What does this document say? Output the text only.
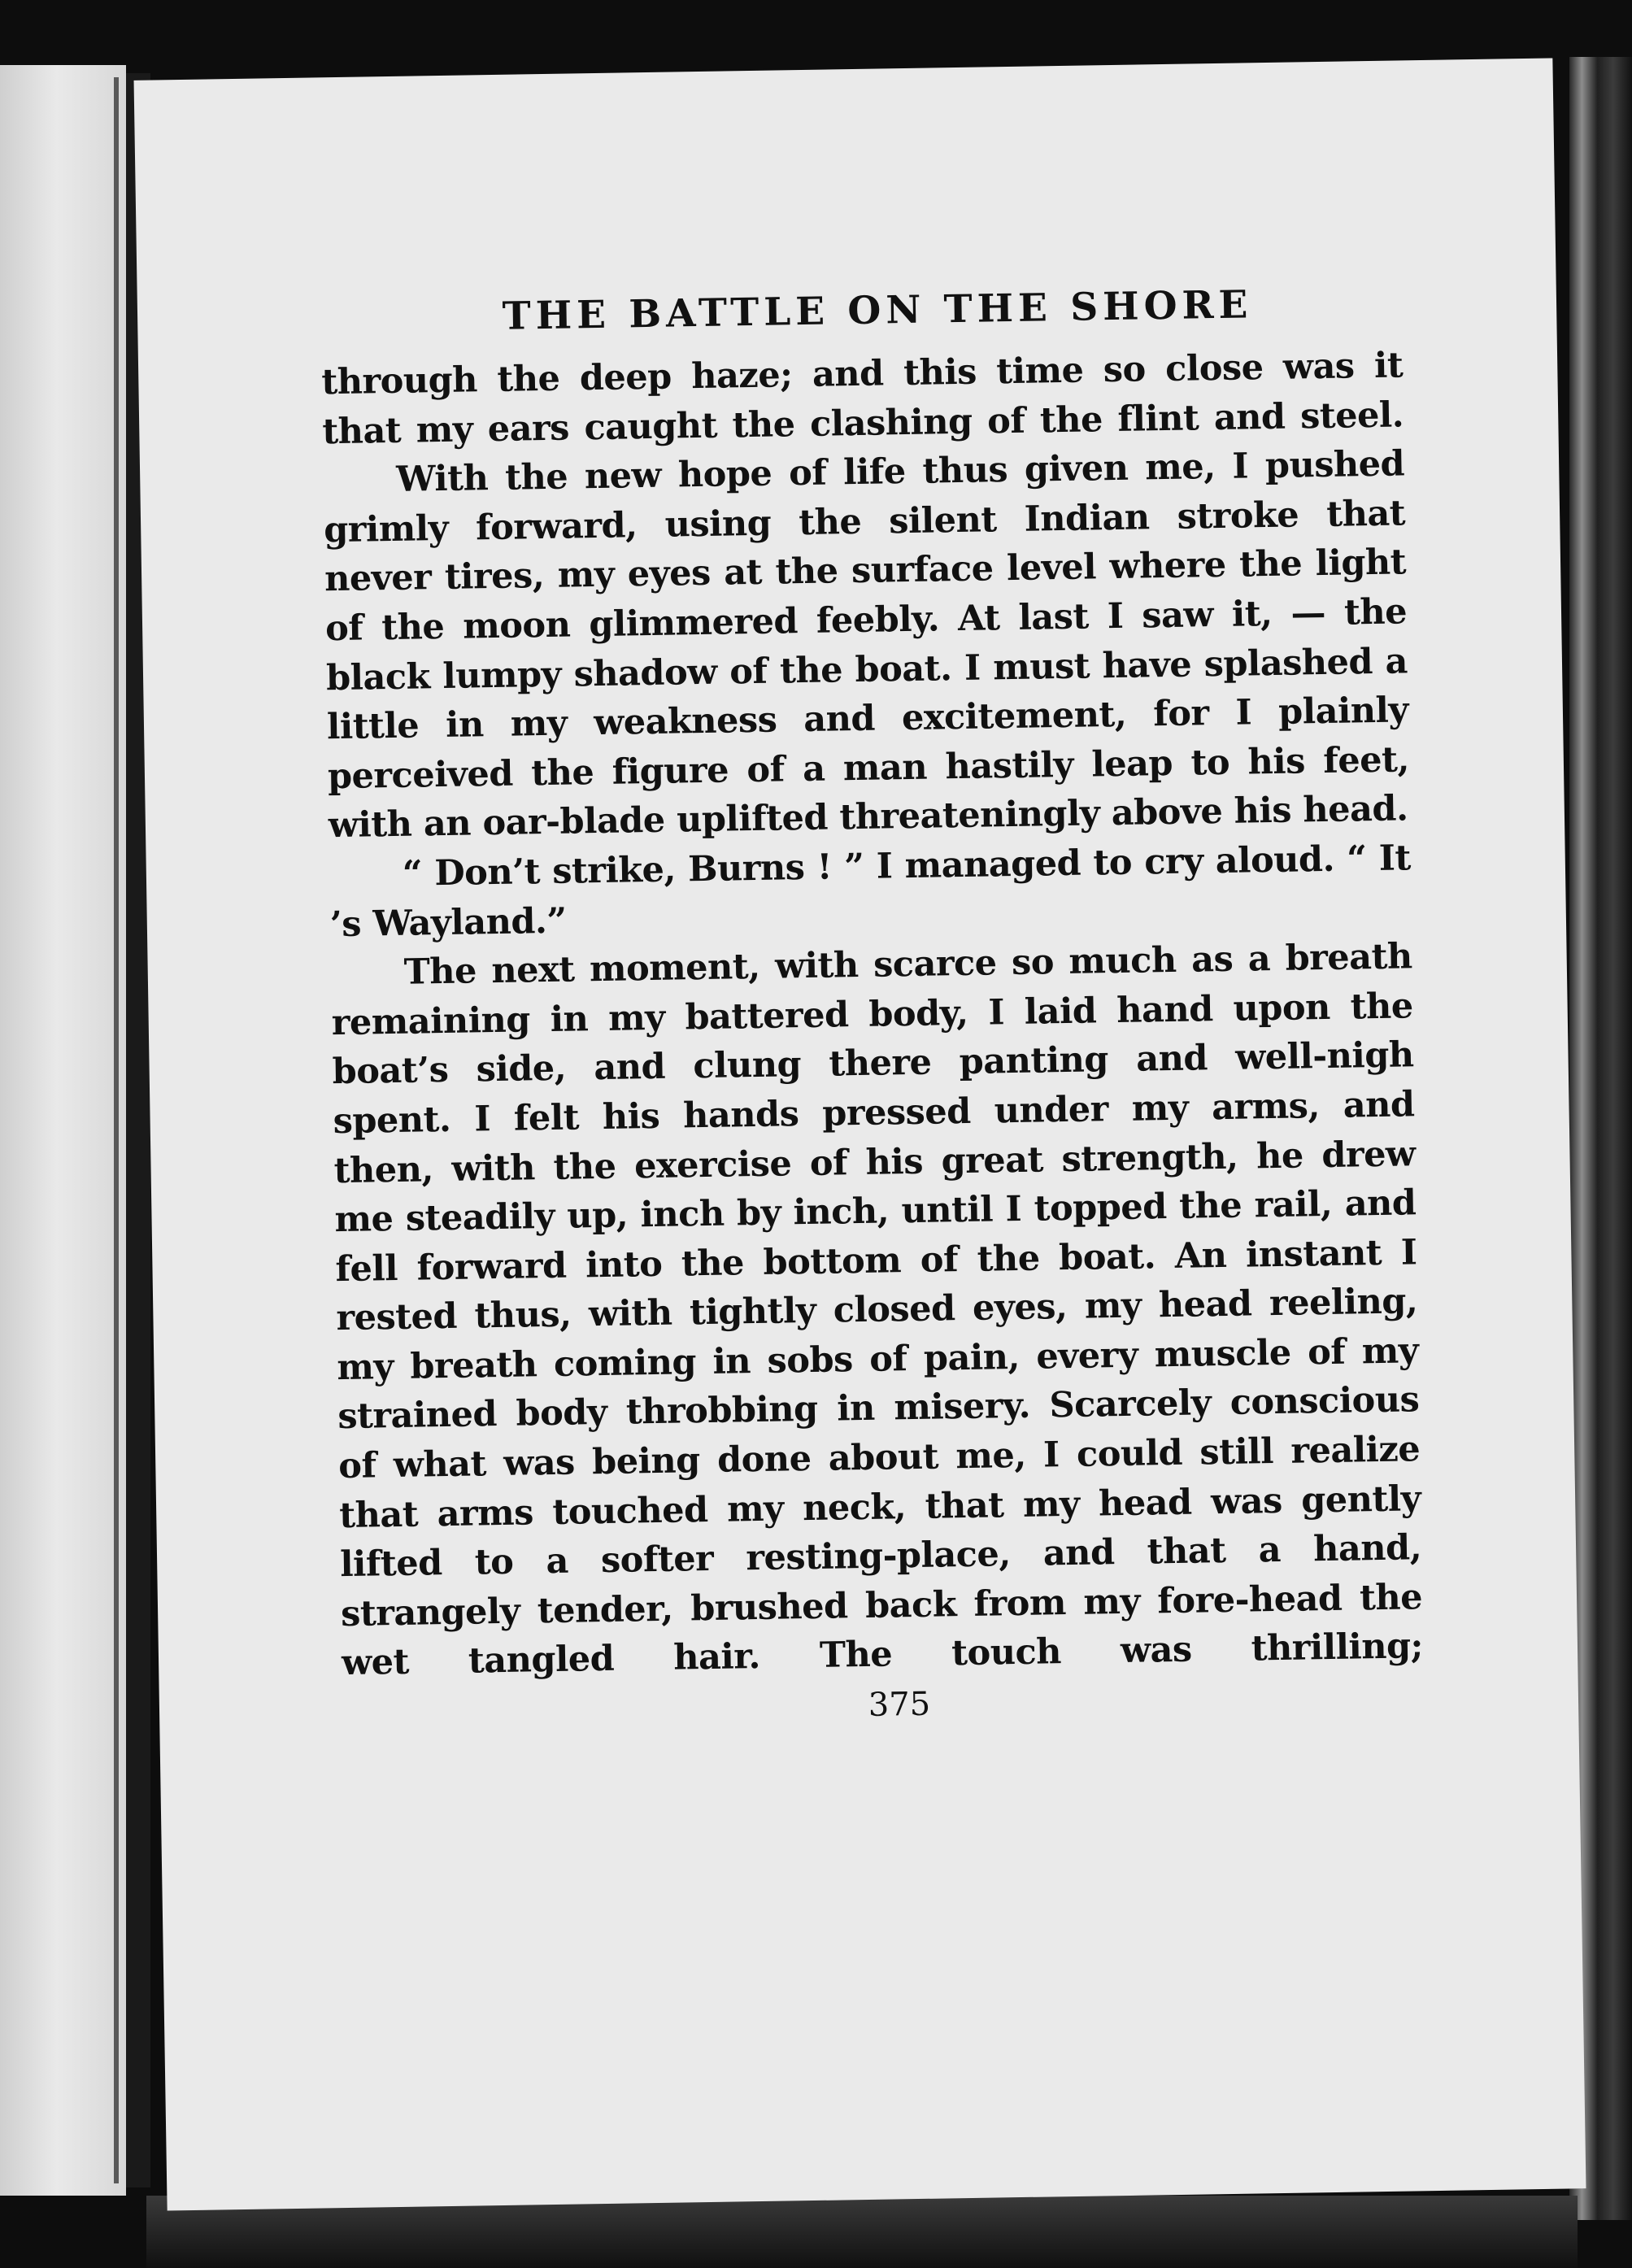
THE BATTLE ON THE SHORE

through the deep haze; and this time so close was it that my ears caught the clashing of the flint and steel.

With the new hope of life thus given me, I pushed grimly forward, using the silent Indian stroke that never tires, my eyes at the surface level where the light of the moon glimmered feebly. At last I saw it, — the black lumpy shadow of the boat. I must have splashed a little in my weakness and excitement, for I plainly perceived the figure of a man hastily leap to his feet, with an oar-blade uplifted threateningly above his head.

“ Don’t strike, Burns ! ” I managed to cry aloud. “ It ’s Wayland.”

The next moment, with scarce so much as a breath remaining in my battered body, I laid hand upon the boat’s side, and clung there panting and well-nigh spent. I felt his hands pressed under my arms, and then, with the exercise of his great strength, he drew me steadily up, inch by inch, until I topped the rail, and fell forward into the bottom of the boat. An instant I rested thus, with tightly closed eyes, my head reeling, my breath coming in sobs of pain, every muscle of my strained body throbbing in misery. Scarcely conscious of what was being done about me, I could still realize that arms touched my neck, that my head was gently lifted to a softer resting-place, and that a hand, strangely tender, brushed back from my fore-head the wet tangled hair. The touch was thrilling;

375
